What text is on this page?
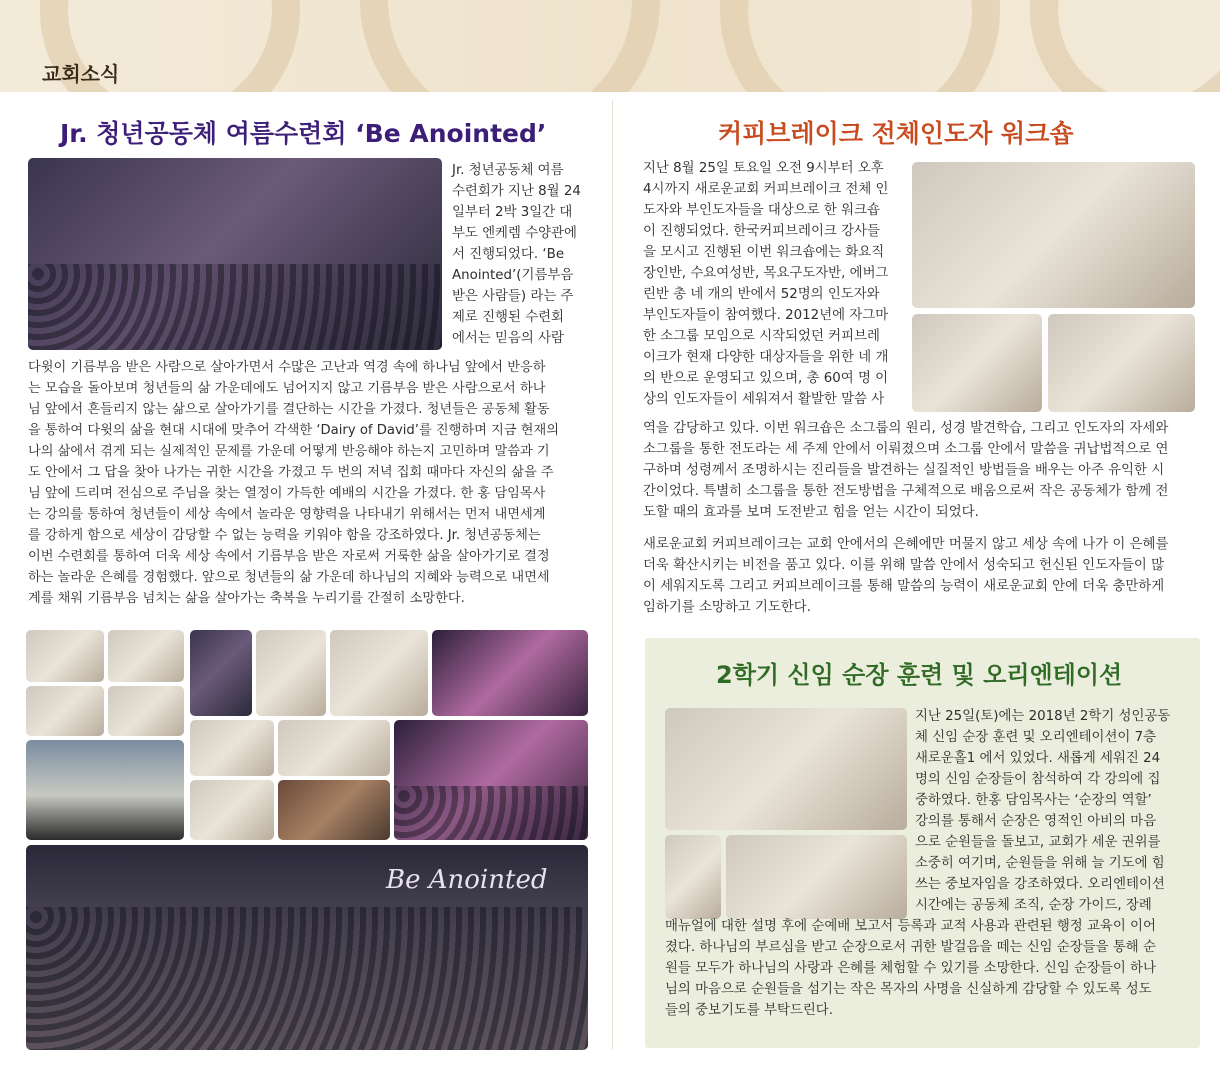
교회소식
Jr. 청년공동체 여름수련회 ‘Be Anointed’
Jr. 청년공동체 여름
수련회가 지난 8월 24
일부터 2박 3일간 대
부도 엔케렘 수양관에
서 진행되었다. ‘Be
Anointed’(기름부음
받은 사람들) 라는 주
제로 진행된 수련회
에서는 믿음의 사람
다윗이 기름부음 받은 사람으로 살아가면서 수많은 고난과 역경 속에 하나님 앞에서 반응하
는 모습을 돌아보며 청년들의 삶 가운데에도 넘어지지 않고 기름부음 받은 사람으로서 하나
님 앞에서 흔들리지 않는 삶으로 살아가기를 결단하는 시간을 가졌다. 청년들은 공동체 활동
을 통하여 다윗의 삶을 현대 시대에 맞추어 각색한 ‘Dairy of David’를 진행하며 지금 현재의
나의 삶에서 겪게 되는 실제적인 문제를 가운데 어떻게 반응해야 하는지 고민하며 말씀과 기
도 안에서 그 답을 찾아 나가는 귀한 시간을 가졌고 두 번의 저녁 집회 때마다 자신의 삶을 주
님 앞에 드리며 전심으로 주님을 찾는 열정이 가득한 예배의 시간을 가졌다. 한 홍 담임목사
는 강의를 통하여 청년들이 세상 속에서 놀라운 영향력을 나타내기 위해서는 먼저 내면세계
를 강하게 함으로 세상이 감당할 수 없는 능력을 키워야 함을 강조하였다. Jr. 청년공동체는
이번 수련회를 통하여 더욱 세상 속에서 기름부음 받은 자로써 거룩한 삶을 살아가기로 결정
하는 놀라운 은혜를 경험했다. 앞으로 청년들의 삶 가운데 하나님의 지혜와 능력으로 내면세
계를 채워 기름부음 넘치는 삶을 살아가는 축복을 누리기를 간절히 소망한다.
Be Anointed
커피브레이크 전체인도자 워크숍
지난 8월 25일 토요일 오전 9시부터 오후
4시까지 새로운교회 커피브레이크 전체 인
도자와 부인도자들을 대상으로 한 워크숍
이 진행되었다. 한국커피브레이크 강사들
을 모시고 진행된 이번 워크숍에는 화요직
장인반, 수요여성반, 목요구도자반, 에버그
린반 총 네 개의 반에서 52명의 인도자와
부인도자들이 참여했다. 2012년에 자그마
한 소그룹 모임으로 시작되었던 커피브레
이크가 현재 다양한 대상자들을 위한 네 개
의 반으로 운영되고 있으며, 총 60여 명 이
상의 인도자들이 세워져서 활발한 말씀 사
역을 감당하고 있다. 이번 워크숍은 소그룹의 원리, 성경 발견학습, 그리고 인도자의 자세와
소그룹을 통한 전도라는 세 주제 안에서 이뤄졌으며 소그룹 안에서 말씀을 귀납법적으로 연
구하며 성령께서 조명하시는 진리들을 발견하는 실질적인 방법들을 배우는 아주 유익한 시
간이었다. 특별히 소그룹을 통한 전도방법을 구체적으로 배움으로써 작은 공동체가 함께 전
도할 때의 효과를 보며 도전받고 힘을 얻는 시간이 되었다.
새로운교회 커피브레이크는 교회 안에서의 은혜에만 머물지 않고 세상 속에 나가 이 은혜를
더욱 확산시키는 비전을 품고 있다. 이를 위해 말씀 안에서 성숙되고 헌신된 인도자들이 많
이 세워지도록 그리고 커피브레이크를 통해 말씀의 능력이 새로운교회 안에 더욱 충만하게
임하기를 소망하고 기도한다.
2학기 신임 순장 훈련 및 오리엔테이션
지난 25일(토)에는 2018년 2학기 성인공동
체 신임 순장 훈련 및 오리엔테이션이 7층
새로운홀1 에서 있었다. 새롭게 세워진 24
명의 신임 순장들이 참석하여 각 강의에 집
중하였다. 한홍 담임목사는 ‘순장의 역할’
강의를 통해서 순장은 영적인 아비의 마음
으로 순원들을 돌보고, 교회가 세운 권위를
소중히 여기며, 순원들을 위해 늘 기도에 힘
쓰는 중보자임을 강조하였다. 오리엔테이션
시간에는 공동체 조직, 순장 가이드, 장례
매뉴얼에 대한 설명 후에 순예배 보고서 등록과 교적 사용과 관련된 행정 교육이 이어
졌다. 하나님의 부르심을 받고 순장으로서 귀한 발걸음을 떼는 신임 순장들을 통해 순
원들 모두가 하나님의 사랑과 은혜를 체험할 수 있기를 소망한다. 신임 순장들이 하나
님의 마음으로 순원들을 섬기는 작은 목자의 사명을 신실하게 감당할 수 있도록 성도
들의 중보기도를 부탁드린다.
